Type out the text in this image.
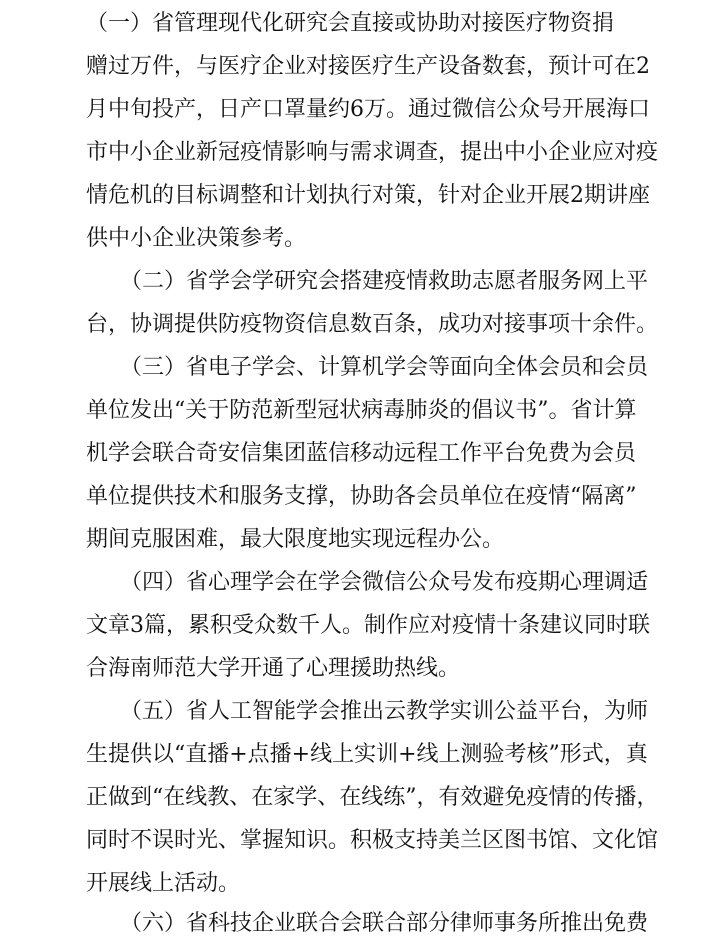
（一）省管理现代化研究会直接或协助对接医疗物资捐
赠过万件，与医疗企业对接医疗生产设备数套，预计可在2
月中旬投产，日产口罩量约6万。通过微信公众号开展海口
市中小企业新冠疫情影响与需求调查，提出中小企业应对疫
情危机的目标调整和计划执行对策，针对企业开展2期讲座
供中小企业决策参考。
（二）省学会学研究会搭建疫情救助志愿者服务网上平
台，协调提供防疫物资信息数百条，成功对接事项十余件。
（三）省电子学会、计算机学会等面向全体会员和会员
单位发出“关于防范新型冠状病毒肺炎的倡议书”。省计算
机学会联合奇安信集团蓝信移动远程工作平台免费为会员
单位提供技术和服务支撑，协助各会员单位在疫情“隔离”
期间克服困难，最大限度地实现远程办公。
（四）省心理学会在学会微信公众号发布疫期心理调适
文章3篇，累积受众数千人。制作应对疫情十条建议同时联
合海南师范大学开通了心理援助热线。
（五）省人工智能学会推出云教学实训公益平台，为师
生提供以“直播+点播+线上实训+线上测验考核”形式，真
正做到“在线教、在家学、在线练”，有效避免疫情的传播，
同时不误时光、掌握知识。积极支持美兰区图书馆、文化馆
开展线上活动。
（六）省科技企业联合会联合部分律师事务所推出免费
